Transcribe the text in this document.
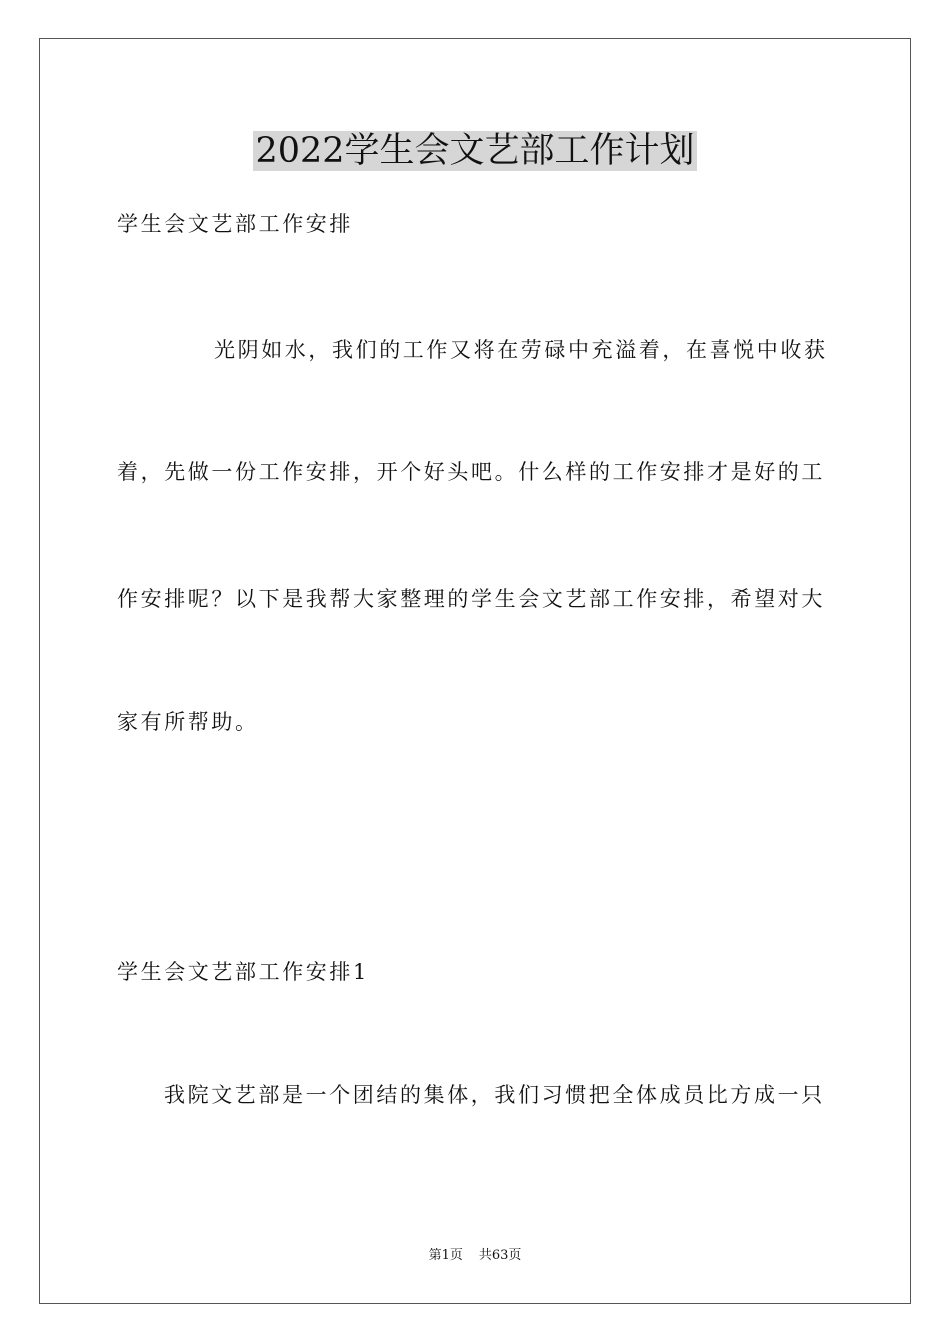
2022学生会文艺部工作计划
学生会文艺部工作安排
光阴如水，我们的工作又将在劳碌中充溢着，在喜悦中收获
着，先做一份工作安排，开个好头吧。什么样的工作安排才是好的工
作安排呢？以下是我帮大家整理的学生会文艺部工作安排，希望对大
家有所帮助。
学生会文艺部工作安排1
我院文艺部是一个团结的集体，我们习惯把全体成员比方成一只
第1页 共63页
